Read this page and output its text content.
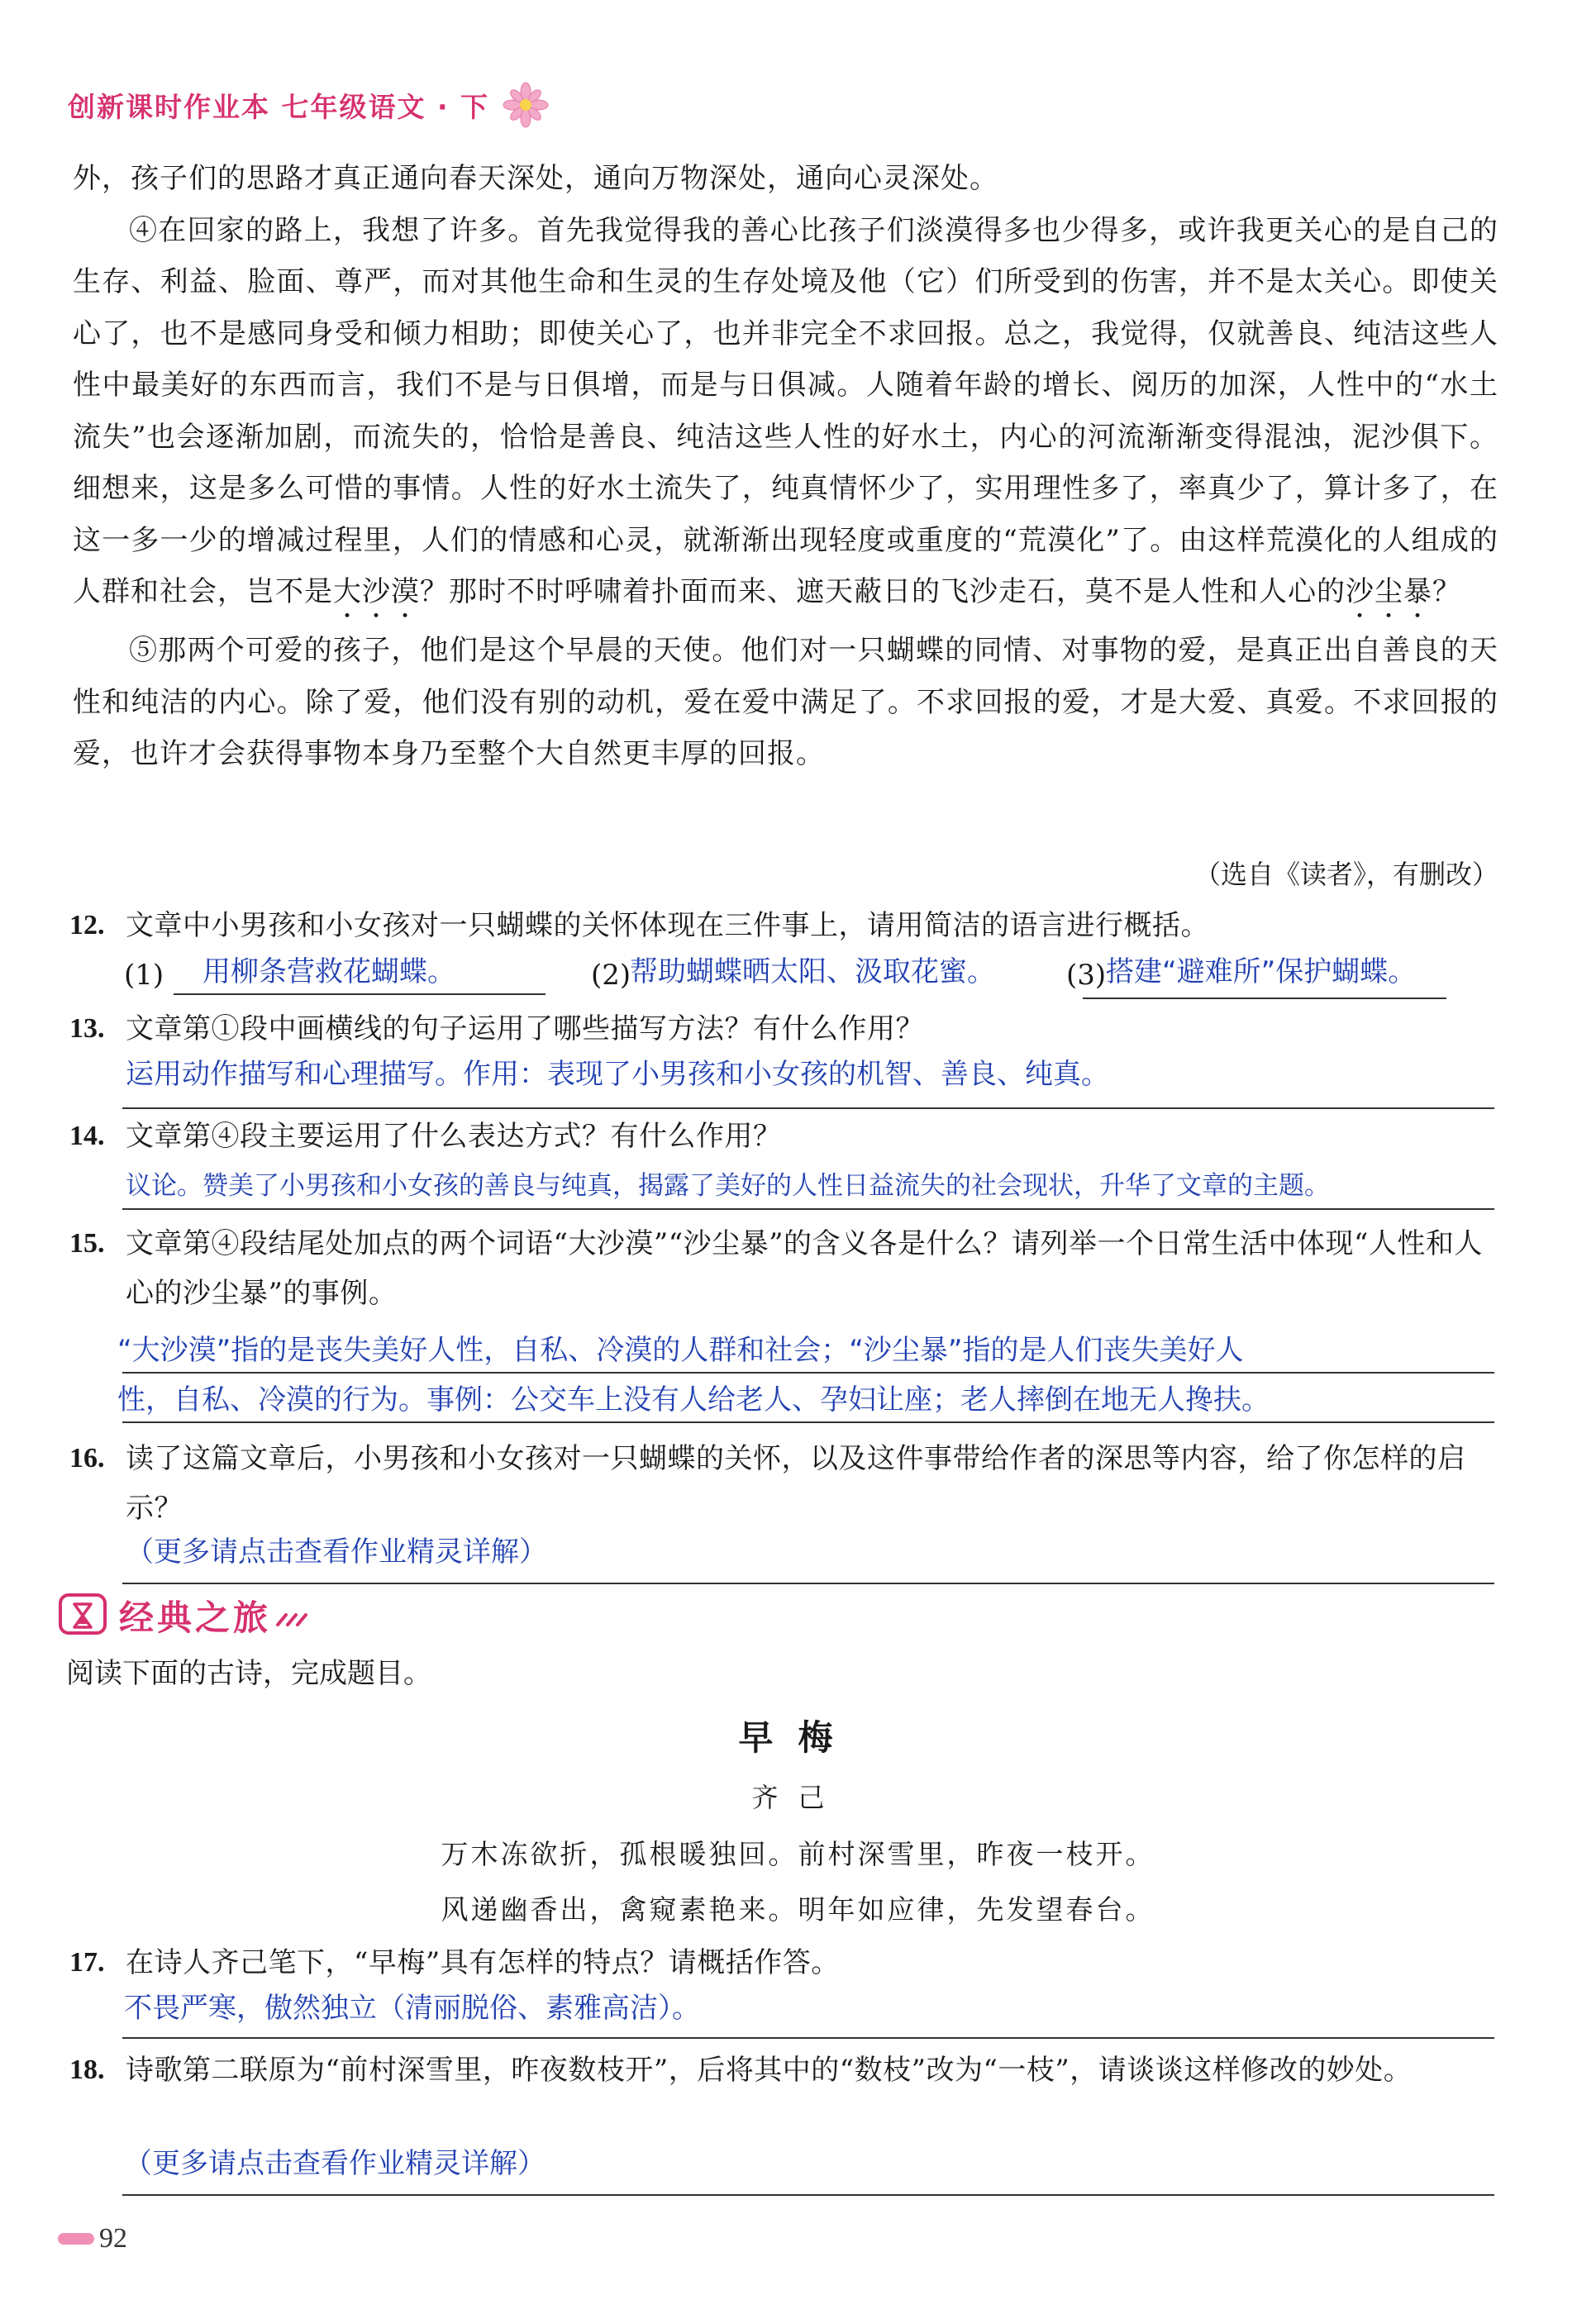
创新课时作业本 七年级语文 · 下

外，孩子们的思路才真正通向春天深处，通向万物深处，通向心灵深处。

④在回家的路上，我想了许多。首先我觉得我的善心比孩子们淡漠得多也少得多，或许我更关心的是自己的生存、利益、脸面、尊严，而对其他生命和生灵的生存处境及他（它）们所受到的伤害，并不是太关心。即使关心了，也不是感同身受和倾力相助；即使关心了，也并非完全不求回报。总之，我觉得，仅就善良、纯洁这些人性中最美好的东西而言，我们不是与日俱增，而是与日俱减。人随着年龄的增长、阅历的加深，人性中的“水土流失”也会逐渐加剧，而流失的，恰恰是善良、纯洁这些人性的好水土，内心的河流渐渐变得混浊，泥沙俱下。细想来，这是多么可惜的事情。人性的好水土流失了，纯真情怀少了，实用理性多了，率真少了，算计多了，在这一多一少的增减过程里，人们的情感和心灵，就渐渐出现轻度或重度的“荒漠化”了。由这样荒漠化的人组成的人群和社会，岂不是大沙漠？那时不时呼啸着扑面而来、遮天蔽日的飞沙走石，莫不是人性和人心的沙尘暴？

⑤那两个可爱的孩子，他们是这个早晨的天使。他们对一只蝴蝶的同情、对事物的爱，是真正出自善良的天性和纯洁的内心。除了爱，他们没有别的动机，爱在爱中满足了。不求回报的爱，才是大爱、真爱。不求回报的爱，也许才会获得事物本身乃至整个大自然更丰厚的回报。

（选自《读者》，有删改）
12. 文章中小男孩和小女孩对一只蝴蝶的关怀体现在三件事上，请用简洁的语言进行概括。
(1) 用柳条营救花蝴蝶。	(2)
帮助蝴蝶晒太阳、汲取花蜜。	(3) 搭建“避难所”保护蝴蝶。
13. 文章第①段中画横线的句子运用了哪些描写方法？有什么作用？
运用动作描写和心理描写。作用：表现了小男孩和小女孩的机智、善良、纯真。
14. 文章第④段主要运用了什么表达方式？有什么作用？
议论。赞美了小男孩和小女孩的善良与纯真，揭露了美好的人性日益流失的社会现状，升华了文章的主题。
15. 文章第④段结尾处加点的两个词语“大沙漠”“沙尘暴”的含义各是什么？请列举一个日常生活中体现“人性和人心的沙尘暴”的事例。
“大沙漠”指的是丧失美好人性，自私、冷漠的人群和社会；“沙尘暴”指的是人们丧失美好人
性，自私、冷漠的行为。事例：公交车上没有人给老人、孕妇让座；老人摔倒在地无人搀扶。
16. 读了这篇文章后，小男孩和小女孩对一只蝴蝶的关怀，以及这件事带给作者的深思等内容，给了你怎样的启示？
（更多请点击查看作业精灵详解）
经典之旅
阅读下面的古诗，完成题目。
早梅
齐己
万木冻欲折，孤根暖独回。前村深雪里，昨夜一枝开。
风递幽香出，禽窥素艳来。明年如应律，先发望春台。
17. 在诗人齐己笔下，“早梅”具有怎样的特点？请概括作答。
不畏严寒，傲然独立（清丽脱俗、素雅高洁）。
18. 诗歌第二联原为“前村深雪里，昨夜数枝开”，后将其中的“数枝”改为“一枝”，请谈谈这样修改的妙处。
（更多请点击查看作业精灵详解）
92
